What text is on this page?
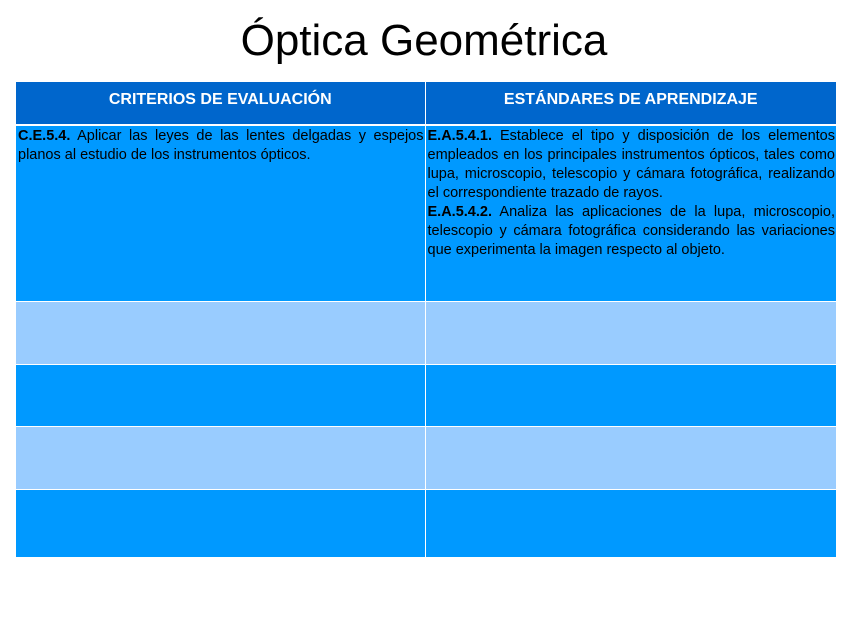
Óptica Geométrica
CRITERIOS DE EVALUACIÓN	ESTÁNDARES DE APRENDIZAJE
C.E.5.4. Aplicar las leyes de las lentes delgadas y espejos planos al estudio de los instrumentos ópticos.	E.A.5.4.1. Establece el tipo y disposición de los elementos empleados en los principales instrumentos ópticos, tales como lupa, microscopio, telescopio y cámara fotográfica, realizando el correspondiente trazado de rayos.
E.A.5.4.2. Analiza las aplicaciones de la lupa, microscopio, telescopio y cámara fotográfica considerando las variaciones que experimenta la imagen respecto al objeto.
